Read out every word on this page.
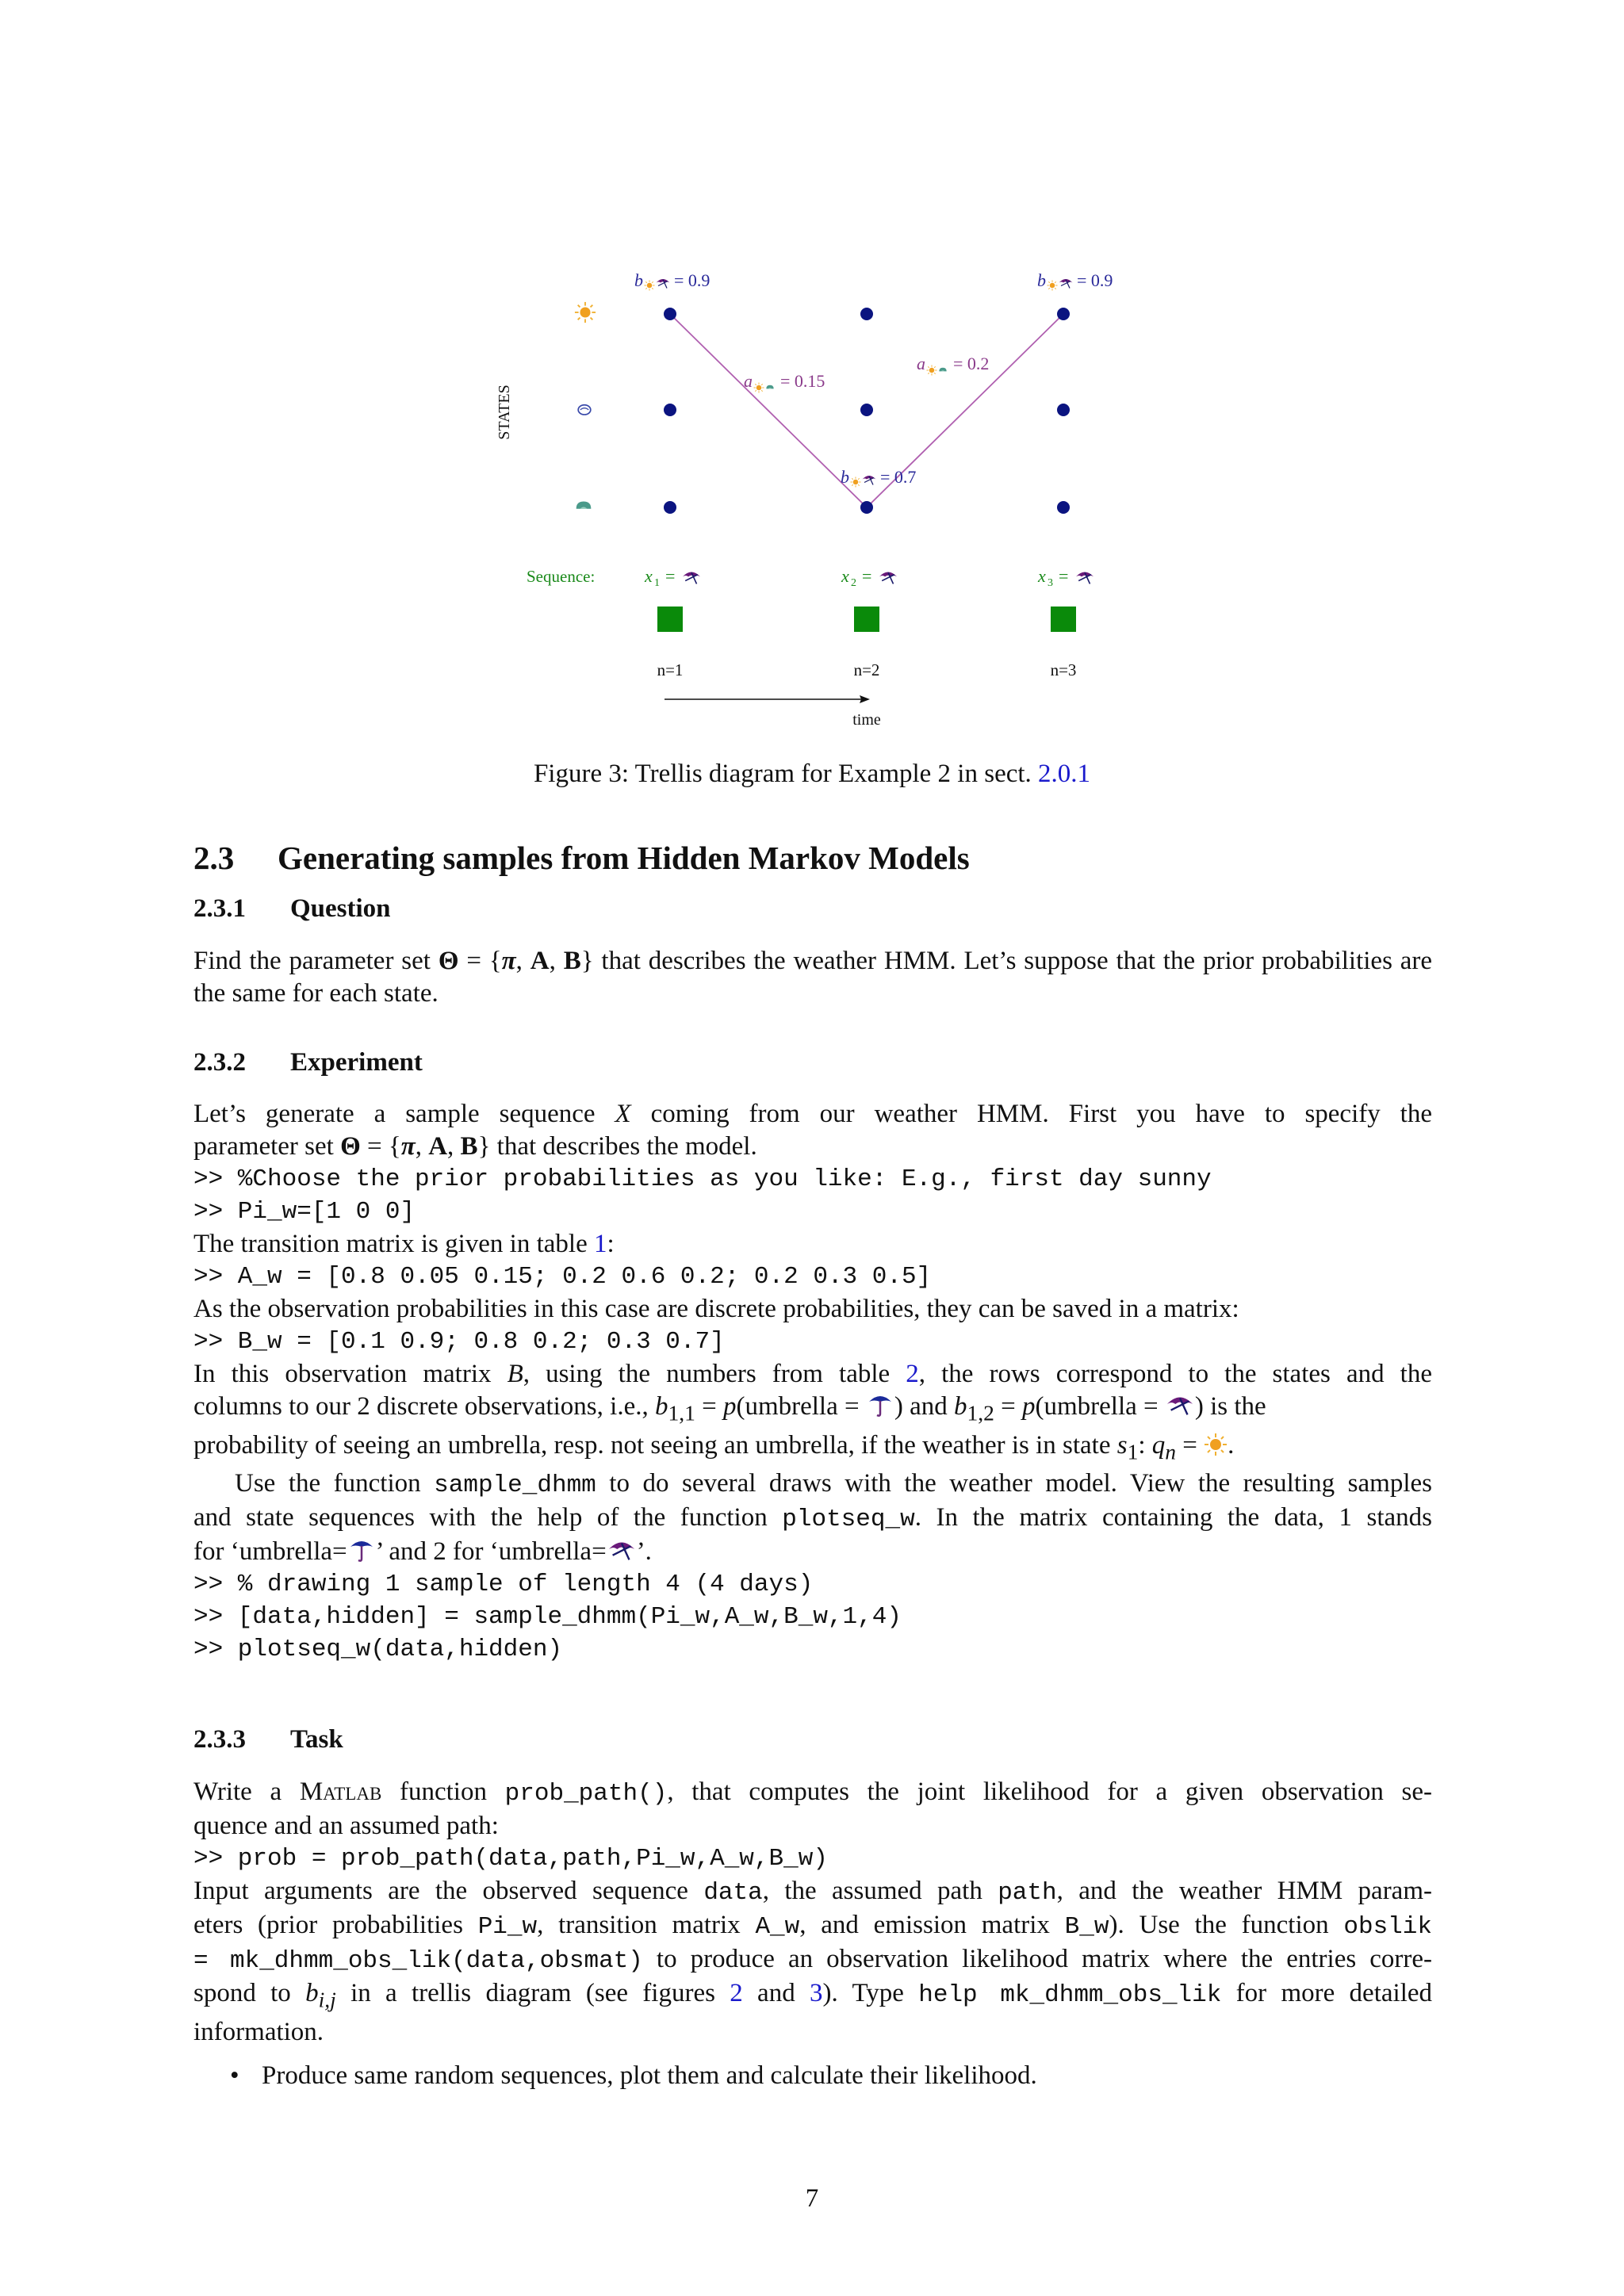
STATES
b = 0.9
b = 0.7
b = 0.9
a = 0.15
a = 0.2
Sequence:	x 1 =
n=1
x 2 =
n=2
x 3 =
n=3
time
Figure 3: Trellis diagram for Example 2 in sect. 2.0.1
2.3 Generating samples from Hidden Markov Models
2.3.1 Question
Find the parameter set Θ = {π, A, B} that describes the weather HMM. Let’s suppose that the prior probabilities are the same for each state.
2.3.2 Experiment
Let’s generate a sample sequence X coming from our weather HMM. First you have to specify the
parameter set Θ = {π, A, B} that describes the model.
>> %Choose the prior probabilities as you like: E.g., first day sunny
>> Pi_w=[1 0 0]
The transition matrix is given in table 1:
>> A_w = [0.8 0.05 0.15; 0.2 0.6 0.2; 0.2 0.3 0.5]
As the observation probabilities in this case are discrete probabilities, they can be saved in a matrix:
>> B_w = [0.1 0.9; 0.8 0.2; 0.3 0.7]
In this observation matrix B, using the numbers from table 2, the rows correspond to the states and the
columns to our 2 discrete observations, i.e., $b_{1,1}$ = p(umbrella = ) and $b_{1,2}$ = p(umbrella = ) is the
probability of seeing an umbrella, resp. not seeing an umbrella, if the weather is in state $s_1$: $q_n$ = .
Use the function sample_dhmm to do several draws with the weather model. View the resulting samples
and state sequences with the help of the function plotseq_w. In the matrix containing the data, 1 stands
for ‘umbrella= ’ and 2 for ‘umbrella= ’.
>> % drawing 1 sample of length 4 (4 days)
>> [data,hidden] = sample_dhmm(Pi_w,A_w,B_w,1,4)
>> plotseq_w(data,hidden)
2.3.3 Task
Write a Matlab function prob_path(), that computes the joint likelihood for a given observation se-
quence and an assumed path:
>> prob = prob_path(data,path,Pi_w,A_w,B_w)
Input arguments are the observed sequence data, the assumed path path, and the weather HMM param-
eters (prior probabilities Pi_w, transition matrix A_w, and emission matrix B_w). Use the function obslik
= mk_dhmm_obs_lik(data,obsmat) to produce an observation likelihood matrix where the entries corre-
spond to $b_{i,j}$ in a trellis diagram (see figures 2 and 3). Type help mk_dhmm_obs_lik for more detailed
information.
• Produce same random sequences, plot them and calculate their likelihood.
7
